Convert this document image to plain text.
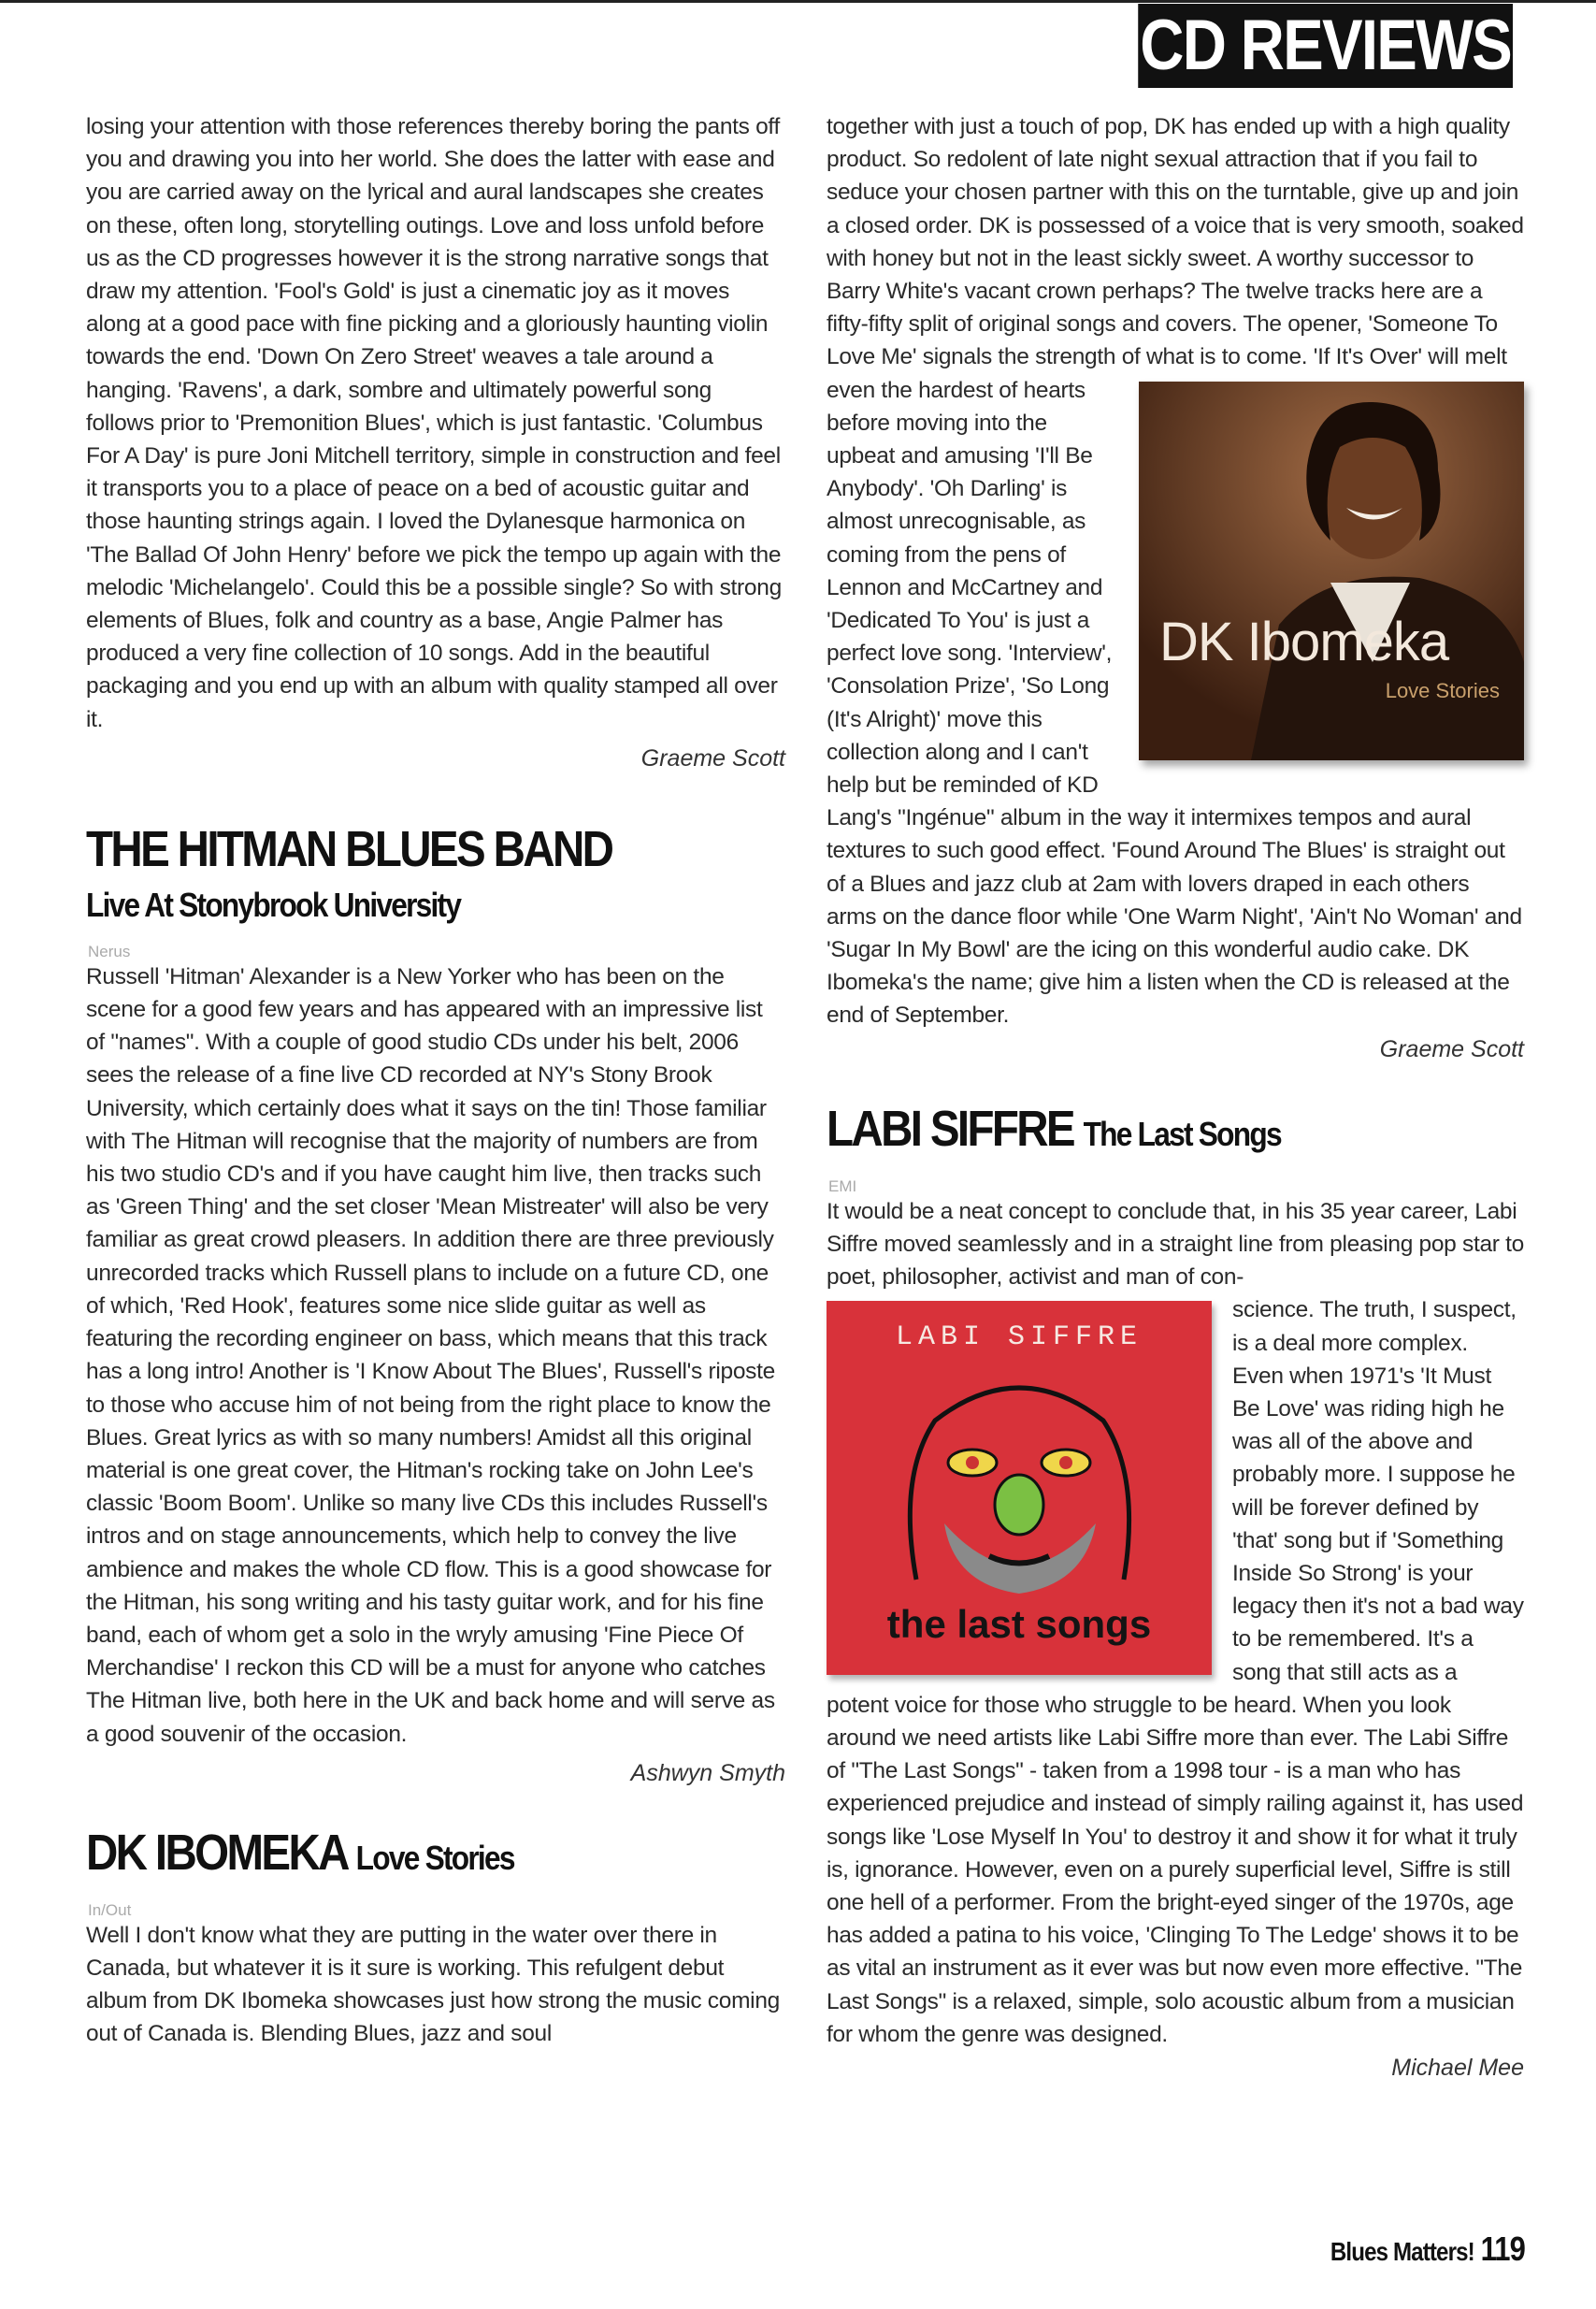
CD REVIEWS

losing your attention with those references thereby boring the pants off you and drawing you into her world. She does the latter with ease and you are carried away on the lyrical and aural landscapes she creates on these, often long, storytelling outings. Love and loss unfold before us as the CD progresses however it is the strong narrative songs that draw my attention. 'Fool's Gold' is just a cinematic joy as it moves along at a good pace with fine picking and a gloriously haunting violin towards the end. 'Down On Zero Street' weaves a tale around a hanging. 'Ravens', a dark, sombre and ultimately powerful song follows prior to 'Premonition Blues', which is just fantastic. 'Columbus For A Day' is pure Joni Mitchell territory, simple in construction and feel it transports you to a place of peace on a bed of acoustic guitar and those haunting strings again. I loved the Dylanesque harmonica on 'The Ballad Of John Henry' before we pick the tempo up again with the melodic 'Michelangelo'. Could this be a possible single? So with strong elements of Blues, folk and country as a base, Angie Palmer has produced a very fine collection of 10 songs. Add in the beautiful packaging and you end up with an album with quality stamped all over it.

Graeme Scott

THE HITMAN BLUES BAND
Live At Stonybrook University
Nerus

Russell 'Hitman' Alexander is a New Yorker who has been on the scene for a good few years and has appeared with an impressive list of "names". With a couple of good studio CDs under his belt, 2006 sees the release of a fine live CD recorded at NY's Stony Brook University, which certainly does what it says on the tin! Those familiar with The Hitman will recognise that the majority of numbers are from his two studio CD's and if you have caught him live, then tracks such as 'Green Thing' and the set closer 'Mean Mistreater' will also be very familiar as great crowd pleasers. In addition there are three previously unrecorded tracks which Russell plans to include on a future CD, one of which, 'Red Hook', features some nice slide guitar as well as featuring the recording engineer on bass, which means that this track has a long intro! Another is 'I Know About The Blues', Russell's riposte to those who accuse him of not being from the right place to know the Blues. Great lyrics as with so many numbers! Amidst all this original material is one great cover, the Hitman's rocking take on John Lee's classic 'Boom Boom'. Unlike so many live CDs this includes Russell's intros and on stage announcements, which help to convey the live ambience and makes the whole CD flow. This is a good showcase for the Hitman, his song writing and his tasty guitar work, and for his fine band, each of whom get a solo in the wryly amusing 'Fine Piece Of Merchandise' I reckon this CD will be a must for anyone who catches The Hitman live, both here in the UK and back home and will serve as a good souvenir of the occasion.

Ashwyn Smyth

DK IBOMEKA Love Stories
In/Out

Well I don't know what they are putting in the water over there in Canada, but whatever it is it sure is working. This refulgent debut album from DK Ibomeka showcases just how strong the music coming out of Canada is. Blending Blues, jazz and soul

together with just a touch of pop, DK has ended up with a high quality product. So redolent of late night sexual attraction that if you fail to seduce your chosen partner with this on the turntable, give up and join a closed order. DK is possessed of a voice that is very smooth, soaked with honey but not in the least sickly sweet. A worthy successor to Barry White's vacant crown perhaps? The twelve tracks here are a fifty-fifty split of original songs and covers. The opener, 'Someone To Love Me' signals the strength of what is to come. 'If It's Over' will melt

DK Ibomeka
Love Stories

even the hardest of hearts before moving into the upbeat and amusing 'I'll Be Anybody'. 'Oh Darling' is almost unrecognisable, as coming from the pens of Lennon and McCartney and 'Dedicated To You' is just a perfect love song. 'Interview', 'Consolation Prize', 'So Long (It's Alright)' move this collection along and I can't help but be reminded of KD Lang's "Ingénue" album in the way it intermixes tempos and aural textures to such good effect. 'Found Around The Blues' is straight out of a Blues and jazz club at 2am with lovers draped in each others arms on the dance floor while 'One Warm Night', 'Ain't No Woman' and 'Sugar In My Bowl' are the icing on this wonderful audio cake. DK Ibomeka's the name; give him a listen when the CD is released at the end of September.

Graeme Scott

LABI SIFFRE The Last Songs
EMI

It would be a neat concept to conclude that, in his 35 year career, Labi Siffre moved seamlessly and in a straight line from pleasing pop star to poet, philosopher, activist and man of con-

LABI SIFFRE
the last songs

science. The truth, I suspect, is a deal more complex. Even when 1971's 'It Must Be Love' was riding high he was all of the above and probably more. I suppose he will be forever defined by 'that' song but if 'Something Inside So Strong' is your legacy then it's not a bad way to be remembered. It's a song that still acts as a potent voice for those who struggle to be heard. When you look around we need artists like Labi Siffre more than ever. The Labi Siffre of "The Last Songs" - taken from a 1998 tour - is a man who has experienced prejudice and instead of simply railing against it, has used songs like 'Lose Myself In You' to destroy it and show it for what it truly is, ignorance. However, even on a purely superficial level, Siffre is still one hell of a performer. From the bright-eyed singer of the 1970s, age has added a patina to his voice, 'Clinging To The Ledge' shows it to be as vital an instrument as it ever was but now even more effective. "The Last Songs" is a relaxed, simple, solo acoustic album from a musician for whom the genre was designed.

Michael Mee

Blues Matters! 119
